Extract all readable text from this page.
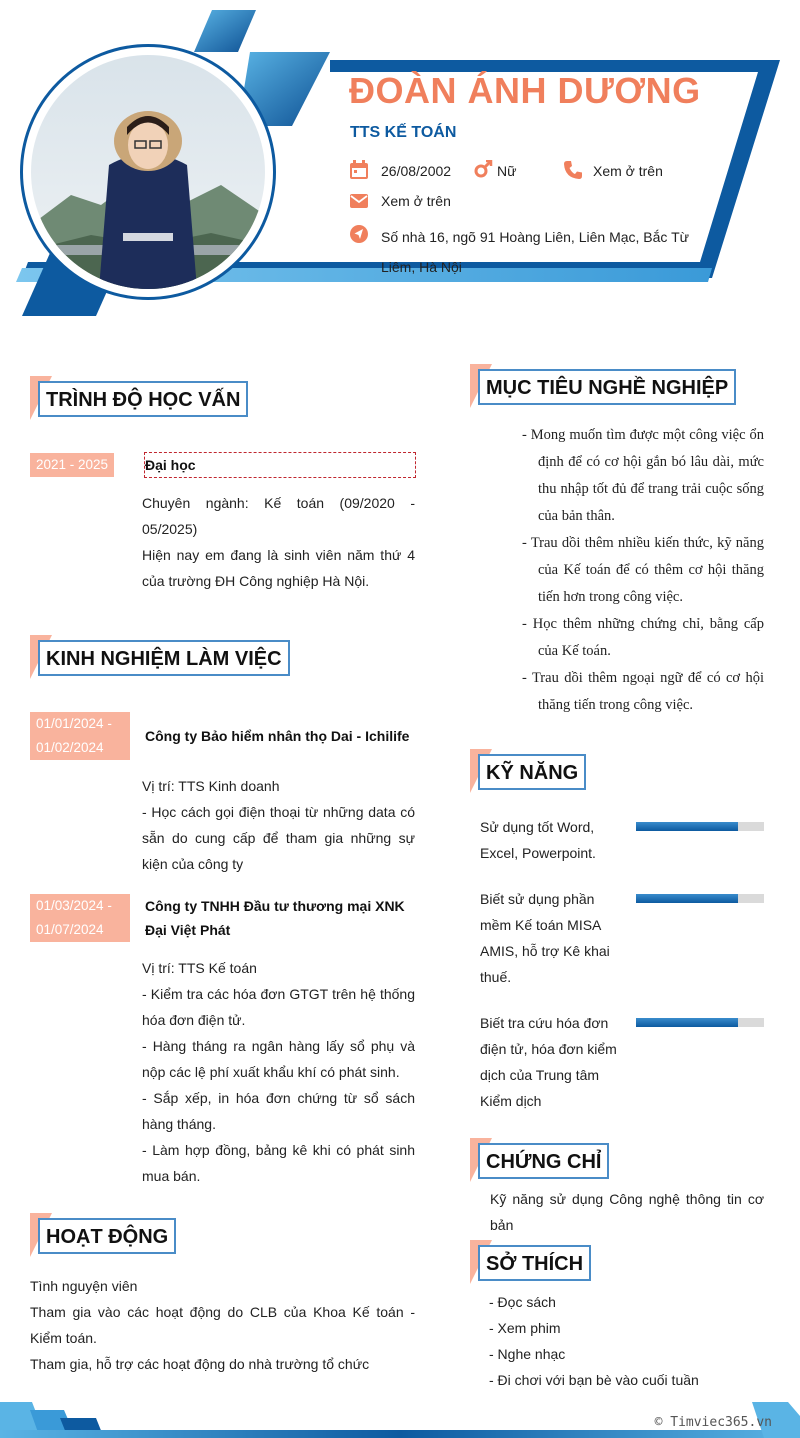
ĐOÀN ÁNH DƯƠNG
TTS KẾ TOÁN
26/08/2002	Nữ	Xem ở trên
Xem ở trên
Số nhà 16, ngõ 91 Hoàng Liên, Liên Mạc, Bắc Từ Liêm, Hà Nội
TRÌNH ĐỘ HỌC VẤN
2021 - 2025	Đại học
Chuyên ngành: Kế toán (09/2020 - 05/2025)
Hiện nay em đang là sinh viên năm thứ 4 của trường ĐH Công nghiệp Hà Nội.
KINH NGHIỆM LÀM VIỆC
01/01/2024 - 01/02/2024
Công ty Bảo hiểm nhân thọ Dai - Ichilife
Vị trí: TTS Kinh doanh
- Học cách gọi điện thoại từ những data có sẵn do cung cấp để tham gia những sự kiện của công ty
01/03/2024 - 01/07/2024
Công ty TNHH Đầu tư thương mại XNK Đại Việt Phát
Vị trí: TTS Kế toán
- Kiểm tra các hóa đơn GTGT trên hệ thống hóa đơn điện tử.
- Hàng tháng ra ngân hàng lấy sổ phụ và nộp các lệ phí xuất khẩu khí có phát sinh.
- Sắp xếp, in hóa đơn chứng từ sổ sách hàng tháng.
- Làm hợp đồng, bảng kê khi có phát sinh mua bán.
HOẠT ĐỘNG
Tình nguyện viên
Tham gia vào các hoạt động do CLB của Khoa Kế toán - Kiểm toán.
Tham gia, hỗ trợ các hoạt động do nhà trường tổ chức
MỤC TIÊU NGHỀ NGHIỆP
- Mong muốn tìm được một công việc ổn định để có cơ hội gắn bó lâu dài, mức thu nhập tốt đủ để trang trải cuộc sống của bản thân.
- Trau dồi thêm nhiều kiến thức, kỹ năng của Kế toán để có thêm cơ hội thăng tiến hơn trong công việc.
- Học thêm những chứng chỉ, bằng cấp của Kế toán.
- Trau dồi thêm ngoại ngữ để có cơ hội thăng tiến trong công việc.
KỸ NĂNG
Sử dụng tốt Word, Excel, Powerpoint.
Biết sử dụng phần mềm Kế toán MISA AMIS, hỗ trợ Kê khai thuế.
Biết tra cứu hóa đơn điện tử, hóa đơn kiểm dịch của Trung tâm Kiểm dịch
CHỨNG CHỈ
Kỹ năng sử dụng Công nghệ thông tin cơ bản
SỞ THÍCH
- Đọc sách
- Xem phim
- Nghe nhạc
- Đi chơi với bạn bè vào cuối tuần
© Timviec365.vn
